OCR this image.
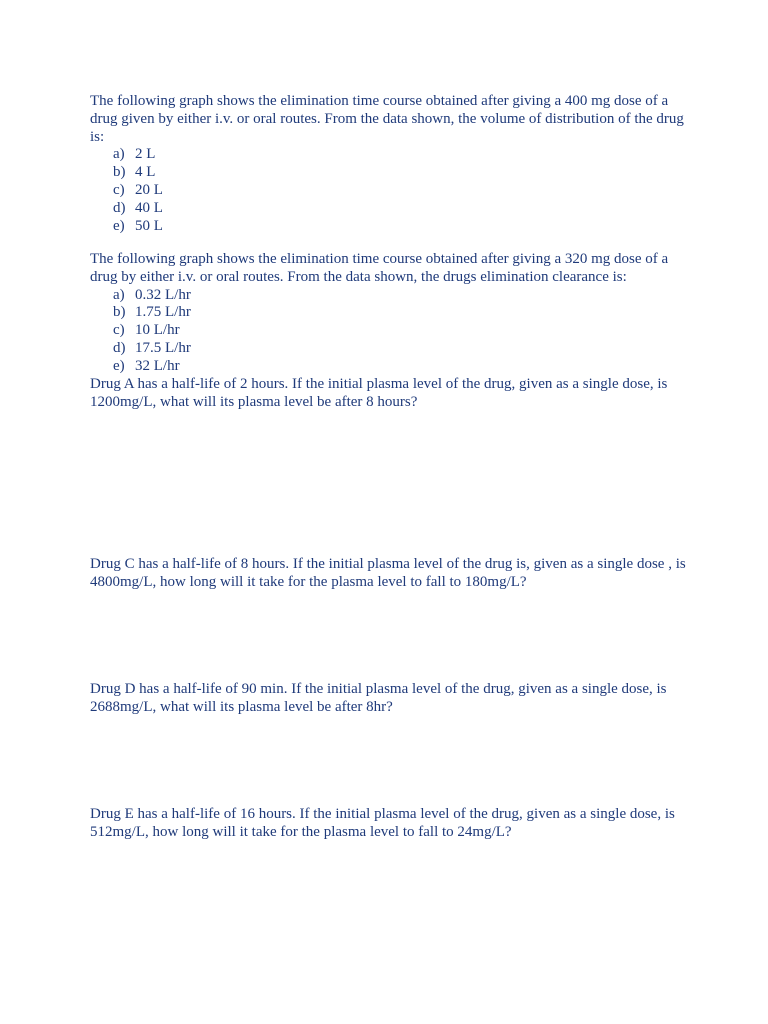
The following graph shows the elimination time course obtained after giving a 400 mg dose of a drug given by either i.v. or oral routes. From the data shown, the volume of distribution of the drug is:

a) 2 L
b) 4 L
c) 20 L
d) 40 L
e) 50 L

The following graph shows the elimination time course obtained after giving a 320 mg dose of a drug by either i.v. or oral routes. From the data shown, the drugs elimination clearance is:

a) 0.32 L/hr
b) 1.75 L/hr
c) 10 L/hr
d) 17.5 L/hr
e) 32 L/hr

Drug A has a half-life of 2 hours. If the initial plasma level of the drug, given as a single dose, is 1200mg/L, what will its plasma level be after 8 hours?

Drug C has a half-life of 8 hours. If the initial plasma level of the drug is, given as a single dose , is 4800mg/L, how long will it take for the plasma level to fall to 180mg/L?

Drug D has a half-life of 90 min. If the initial plasma level of the drug, given as a single dose, is 2688mg/L, what will its plasma level be after 8hr?

Drug E has a half-life of 16 hours. If the initial plasma level of the drug, given as a single dose, is 512mg/L, how long will it take for the plasma level to fall to 24mg/L?
